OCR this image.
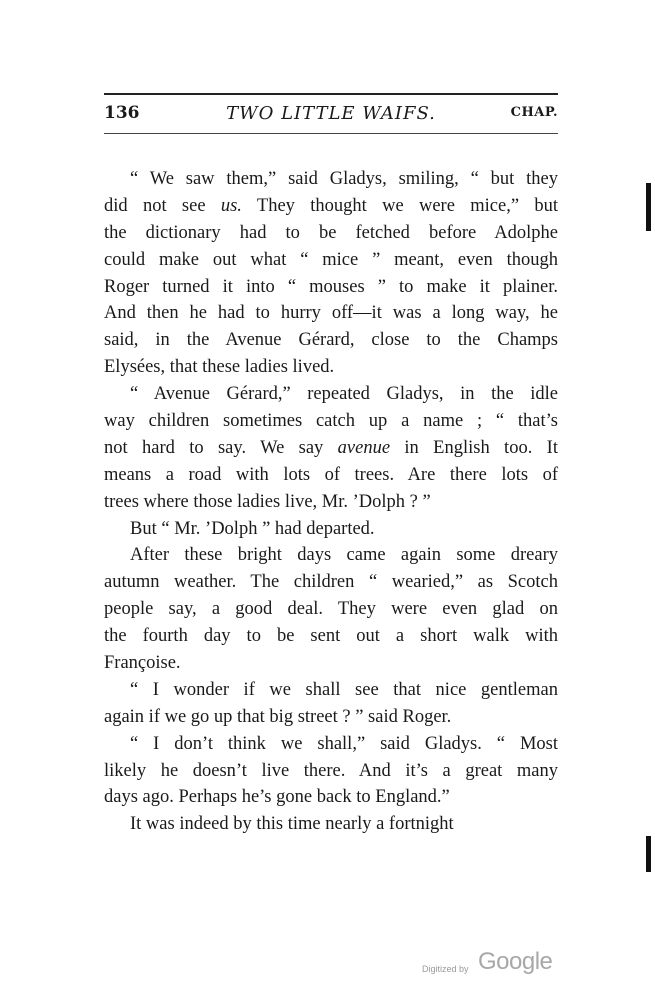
136	TWO LITTLE WAIFS.	CHAP.
“ We saw them,” said Gladys, smiling, “ but they
did not see us. They thought we were mice,” but
the dictionary had to be fetched before Adolphe
could make out what “ mice ” meant, even though
Roger turned it into “ mouses ” to make it plainer.
And then he had to hurry off—it was a long way, he
said, in the Avenue Gérard, close to the Champs
Elysées, that these ladies lived.
“ Avenue Gérard,” repeated Gladys, in the idle
way children sometimes catch up a name ; “ that’s
not hard to say. We say avenue in English too. It
means a road with lots of trees. Are there lots of
trees where those ladies live, Mr. ’Dolph ? ”
But “ Mr. ’Dolph ” had departed.
After these bright days came again some dreary
autumn weather. The children “ wearied,” as Scotch
people say, a good deal. They were even glad on
the fourth day to be sent out a short walk with
Françoise.
“ I wonder if we shall see that nice gentleman
again if we go up that big street ? ” said Roger.
“ I don’t think we shall,” said Gladys. “ Most
likely he doesn’t live there. And it’s a great many
days ago. Perhaps he’s gone back to England.”
It was indeed by this time nearly a fortnight
Digitized by Google
